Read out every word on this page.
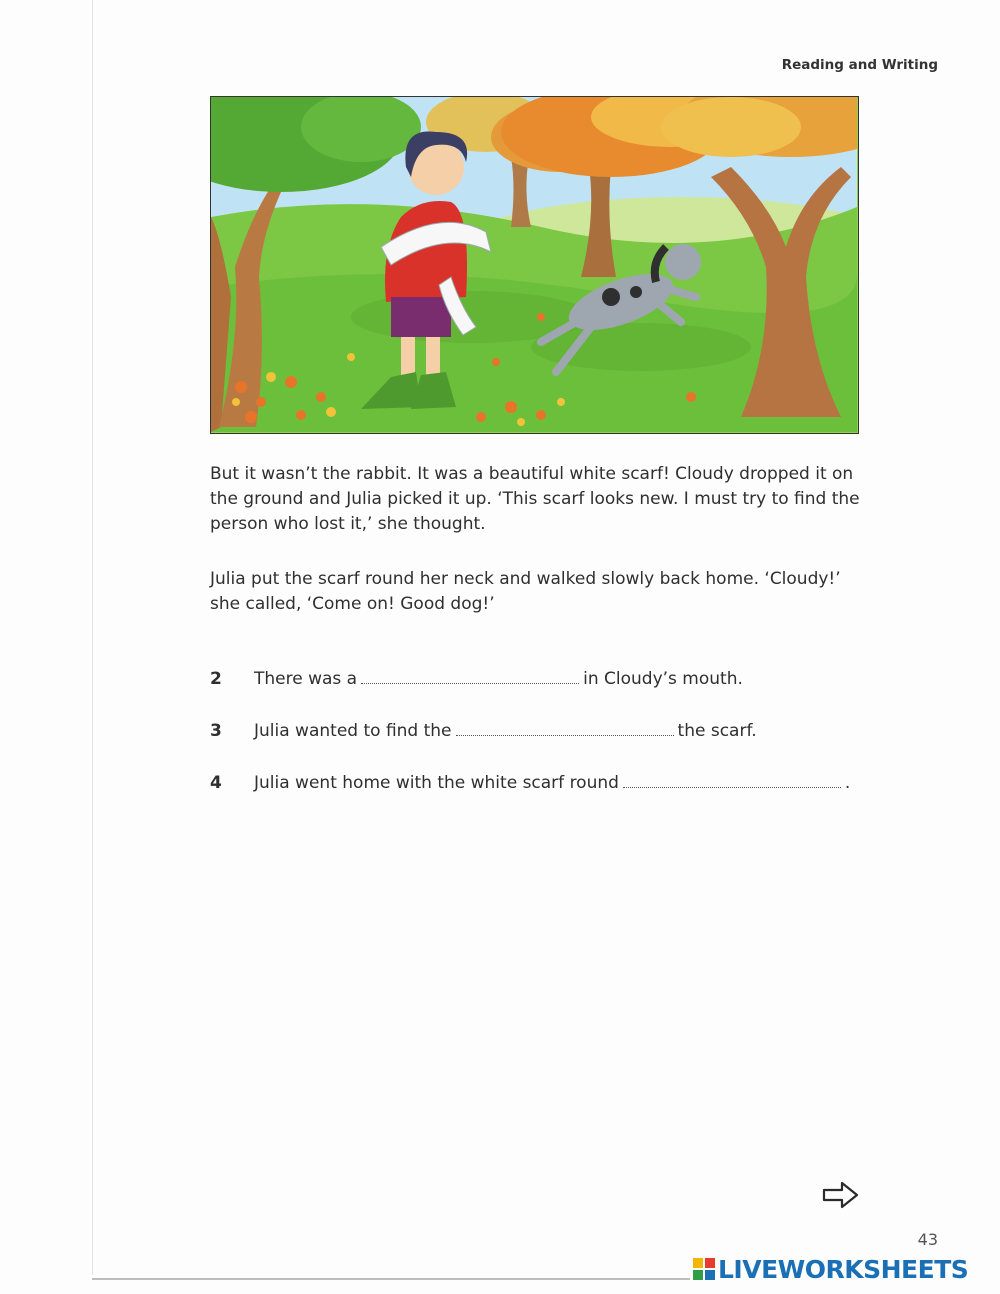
Reading and Writing

But it wasn’t the rabbit. It was a beautiful white scarf! Cloudy dropped it on the ground and Julia picked it up. ‘This scarf looks new. I must try to find the person who lost it,’ she thought.

Julia put the scarf round her neck and walked slowly back home. ‘Cloudy!’ she called, ‘Come on! Good dog!’

2 There was a	in Cloudy’s mouth.
3 Julia wanted to find the	the scarf.
4 Julia went home with the white scarf round	.
43
LIVEWORKSHEETS
